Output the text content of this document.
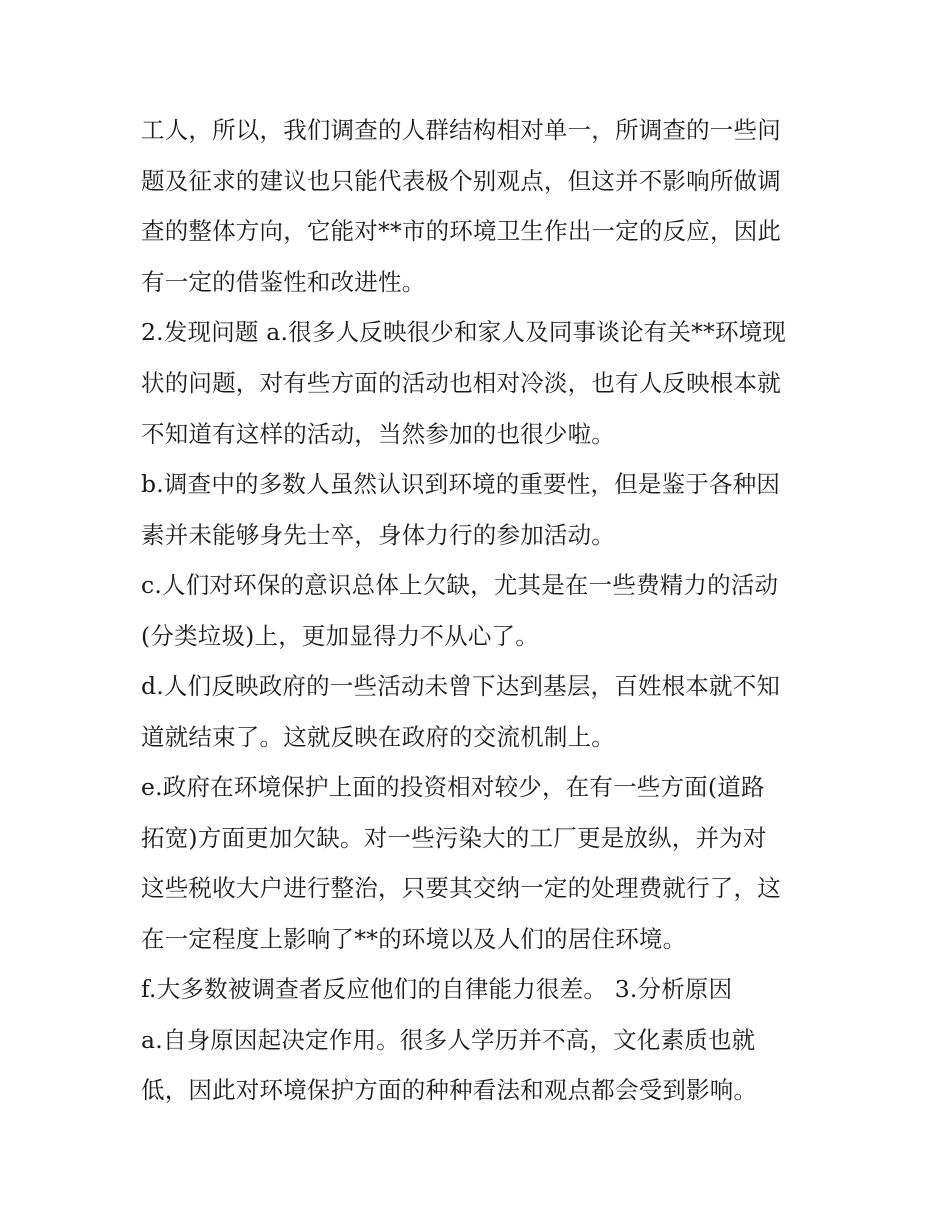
工人，所以，我们调查的人群结构相对单一，所调查的一些问
题及征求的建议也只能代表极个别观点，但这并不影响所做调
查的整体方向，它能对**市的环境卫生作出一定的反应，因此
有一定的借鉴性和改进性。
2.发现问题 a.很多人反映很少和家人及同事谈论有关**环境现
状的问题，对有些方面的活动也相对冷淡，也有人反映根本就
不知道有这样的活动，当然参加的也很少啦。
b.调查中的多数人虽然认识到环境的重要性，但是鉴于各种因
素并未能够身先士卒，身体力行的参加活动。
c.人们对环保的意识总体上欠缺，尤其是在一些费精力的活动
(分类垃圾)上，更加显得力不从心了。
d.人们反映政府的一些活动未曾下达到基层，百姓根本就不知
道就结束了。这就反映在政府的交流机制上。
e.政府在环境保护上面的投资相对较少，在有一些方面(道路
拓宽)方面更加欠缺。对一些污染大的工厂更是放纵，并为对
这些税收大户进行整治，只要其交纳一定的处理费就行了，这
在一定程度上影响了**的环境以及人们的居住环境。
f.大多数被调查者反应他们的自律能力很差。 3.分析原因
a.自身原因起决定作用。很多人学历并不高，文化素质也就
低，因此对环境保护方面的种种看法和观点都会受到影响。
